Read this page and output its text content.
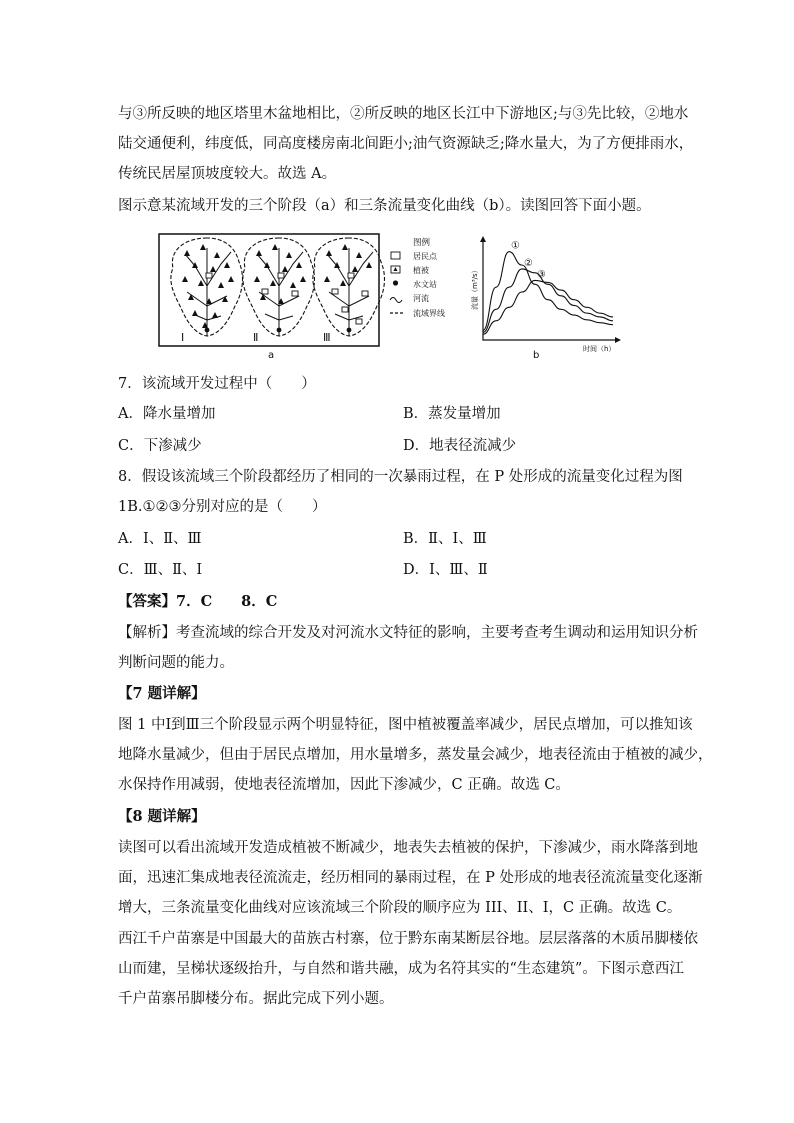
与③所反映的地区塔里木盆地相比，②所反映的地区长江中下游地区;与③先比较，②地水
陆交通便利，纬度低，同高度楼房南北间距小;油气资源缺乏;降水量大，为了方便排雨水，
传统民居屋顶坡度较大。故选 A。
图示意某流域开发的三个阶段（a）和三条流量变化曲线（b）。读图回答下面小题。
Ⅰ	Ⅱ	Ⅲ
a
图例
居民点
植被
水文站
河流
流域界线
流量（m³/s）
时间（h）
①
②
③
b
7．该流域开发过程中（　　）
A．降水量增加	B．蒸发量增加
C．下渗减少	D．地表径流减少
8．假设该流域三个阶段都经历了相同的一次暴雨过程，在 P 处形成的流量变化过程为图
1B.①②③分别对应的是（　　）
A．Ⅰ、Ⅱ、Ⅲ	B．Ⅱ、Ⅰ、Ⅲ
C．Ⅲ、Ⅱ、Ⅰ	D．Ⅰ、Ⅲ、Ⅱ
【答案】7．C　　8．C
【解析】考查流域的综合开发及对河流水文特征的影响，主要考查考生调动和运用知识分析
判断问题的能力。
【7 题详解】
图 1 中Ⅰ到Ⅲ三个阶段显示两个明显特征，图中植被覆盖率减少，居民点增加，可以推知该
地降水量减少，但由于居民点增加，用水量增多，蒸发量会减少，地表径流由于植被的减少，
水保持作用减弱，使地表径流增加，因此下渗减少，C 正确。故选 C。
【8 题详解】
读图可以看出流域开发造成植被不断减少，地表失去植被的保护，下渗减少，雨水降落到地
面，迅速汇集成地表径流流走，经历相同的暴雨过程，在 P 处形成的地表径流流量变化逐渐
增大，三条流量变化曲线对应该流域三个阶段的顺序应为 III、II、I，C 正确。故选 C。
西江千户苗寨是中国最大的苗族古村寨，位于黔东南某断层谷地。层层落落的木质吊脚楼依
山而建，呈梯状逐级抬升，与自然和谐共融，成为名符其实的“生态建筑”。下图示意西江
千户苗寨吊脚楼分布。据此完成下列小题。
